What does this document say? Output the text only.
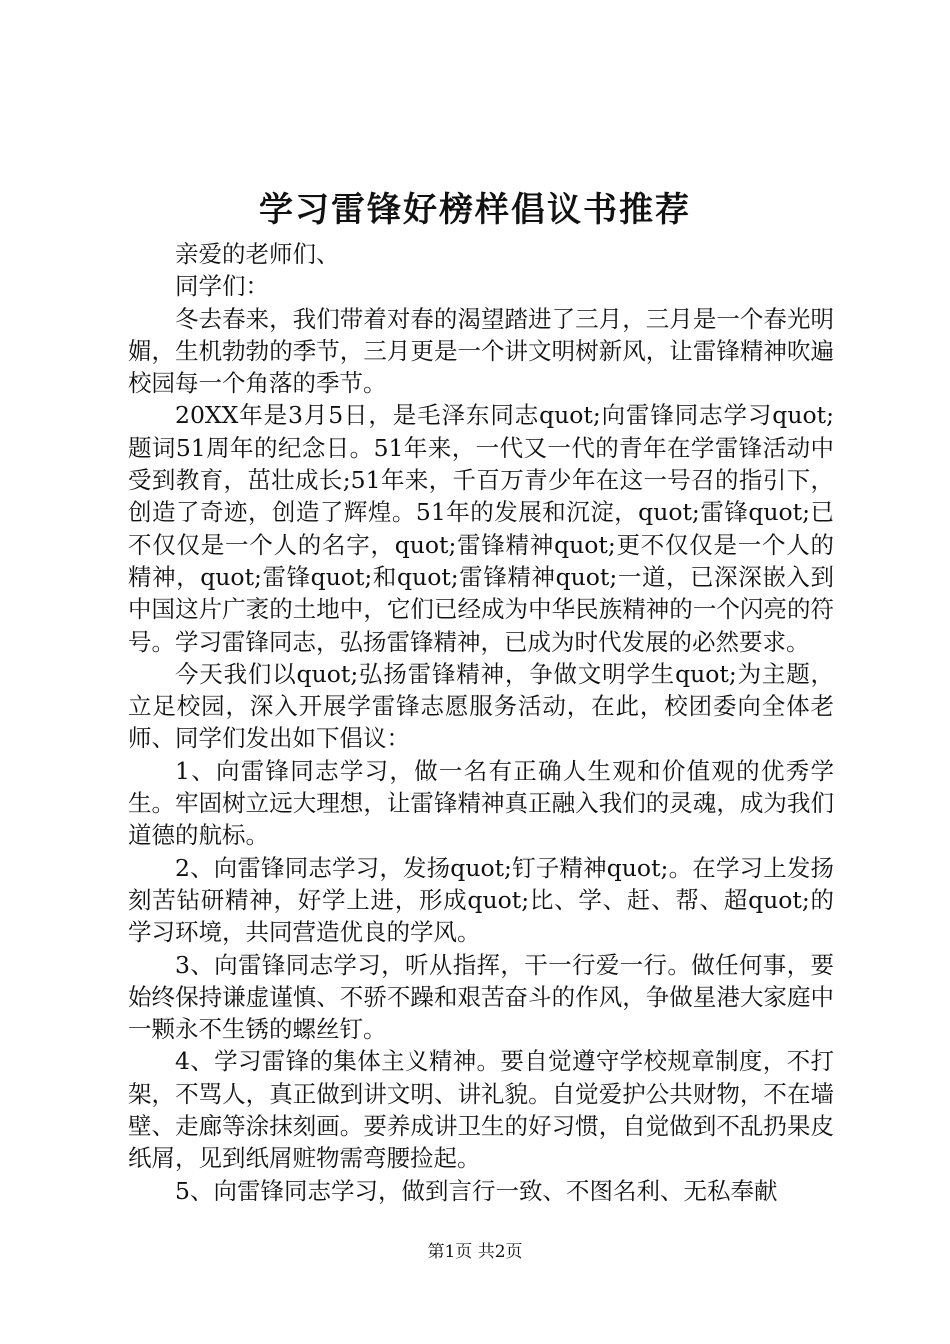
学习雷锋好榜样倡议书推荐

亲爱的老师们、

同学们：

冬去春来，我们带着对春的渴望踏进了三月，三月是一个春光明媚，生机勃勃的季节，三月更是一个讲文明树新风，让雷锋精神吹遍校园每一个角落的季节。

20XX年是3月5日，是毛泽东同志quot;向雷锋同志学习quot;题词51周年的纪念日。51年来，一代又一代的青年在学雷锋活动中受到教育，茁壮成长;51年来，千百万青少年在这一号召的指引下，创造了奇迹，创造了辉煌。51年的发展和沉淀，quot;雷锋quot;已不仅仅是一个人的名字，quot;雷锋精神quot;更不仅仅是一个人的精神，quot;雷锋quot;和quot;雷锋精神quot;一道，已深深嵌入到中国这片广袤的土地中，它们已经成为中华民族精神的一个闪亮的符号。学习雷锋同志，弘扬雷锋精神，已成为时代发展的必然要求。

今天我们以quot;弘扬雷锋精神，争做文明学生quot;为主题，立足校园，深入开展学雷锋志愿服务活动，在此，校团委向全体老师、同学们发出如下倡议：

1、向雷锋同志学习，做一名有正确人生观和价值观的优秀学生。牢固树立远大理想，让雷锋精神真正融入我们的灵魂，成为我们道德的航标。

2、向雷锋同志学习，发扬quot;钉子精神quot;。在学习上发扬刻苦钻研精神，好学上进，形成quot;比、学、赶、帮、超quot;的学习环境，共同营造优良的学风。

3、向雷锋同志学习，听从指挥，干一行爱一行。做任何事，要始终保持谦虚谨慎、不骄不躁和艰苦奋斗的作风，争做星港大家庭中一颗永不生锈的螺丝钉。

4、学习雷锋的集体主义精神。要自觉遵守学校规章制度，不打架，不骂人，真正做到讲文明、讲礼貌。自觉爱护公共财物，不在墙壁、走廊等涂抹刻画。要养成讲卫生的好习惯，自觉做到不乱扔果皮纸屑，见到纸屑赃物需弯腰捡起。

5、向雷锋同志学习，做到言行一致、不图名利、无私奉献

第1页 共2页
